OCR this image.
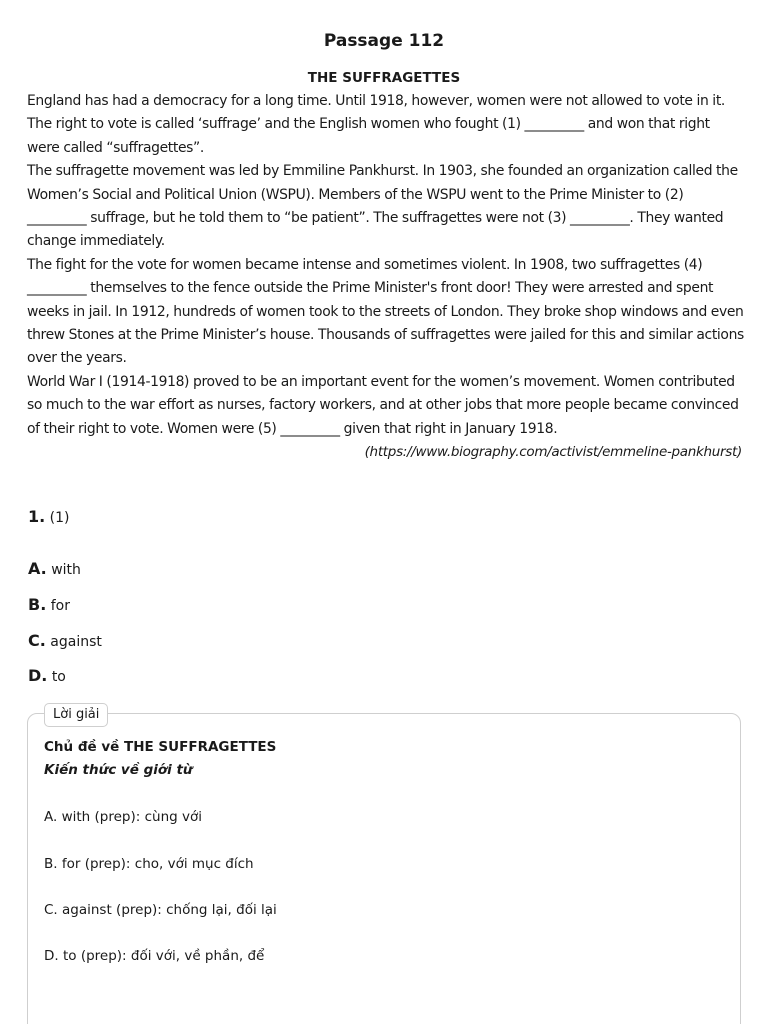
Passage 112
THE SUFFRAGETTES

England has had a democracy for a long time. Until 1918, however, women were not allowed to vote in it. The right to vote is called ‘suffrage’ and the English women who fought (1) _________ and won that right were called “suffragettes”.

The suffragette movement was led by Emmiline Pankhurst. In 1903, she founded an organization called the Women’s Social and Political Union (WSPU). Members of the WSPU went to the Prime Minister to (2) _________ suffrage, but he told them to “be patient”. The suffragettes were not (3) _________. They wanted change immediately.

The fight for the vote for women became intense and sometimes violent. In 1908, two suffragettes (4) _________ themselves to the fence outside the Prime Minister's front door! They were arrested and spent weeks in jail. In 1912, hundreds of women took to the streets of London. They broke shop windows and even threw Stones at the Prime Minister’s house. Thousands of suffragettes were jailed for this and similar actions over the years.

World War I (1914-1918) proved to be an important event for the women’s movement. Women contributed so much to the war effort as nurses, factory workers, and at other jobs that more people became convinced of their right to vote. Women were (5) _________ given that right in January 1918.

(https://www.biography.com/activist/emmeline-pankhurst)
1. (1)
A. with
B. for
C. against
D. to
Lời giải
Chủ đề về THE SUFFRAGETTES
Kiến thức về giới từ
A. with (prep): cùng với
B. for (prep): cho, với mục đích
C. against (prep): chống lại, đối lại
D. to (prep): đối với, về phần, để
